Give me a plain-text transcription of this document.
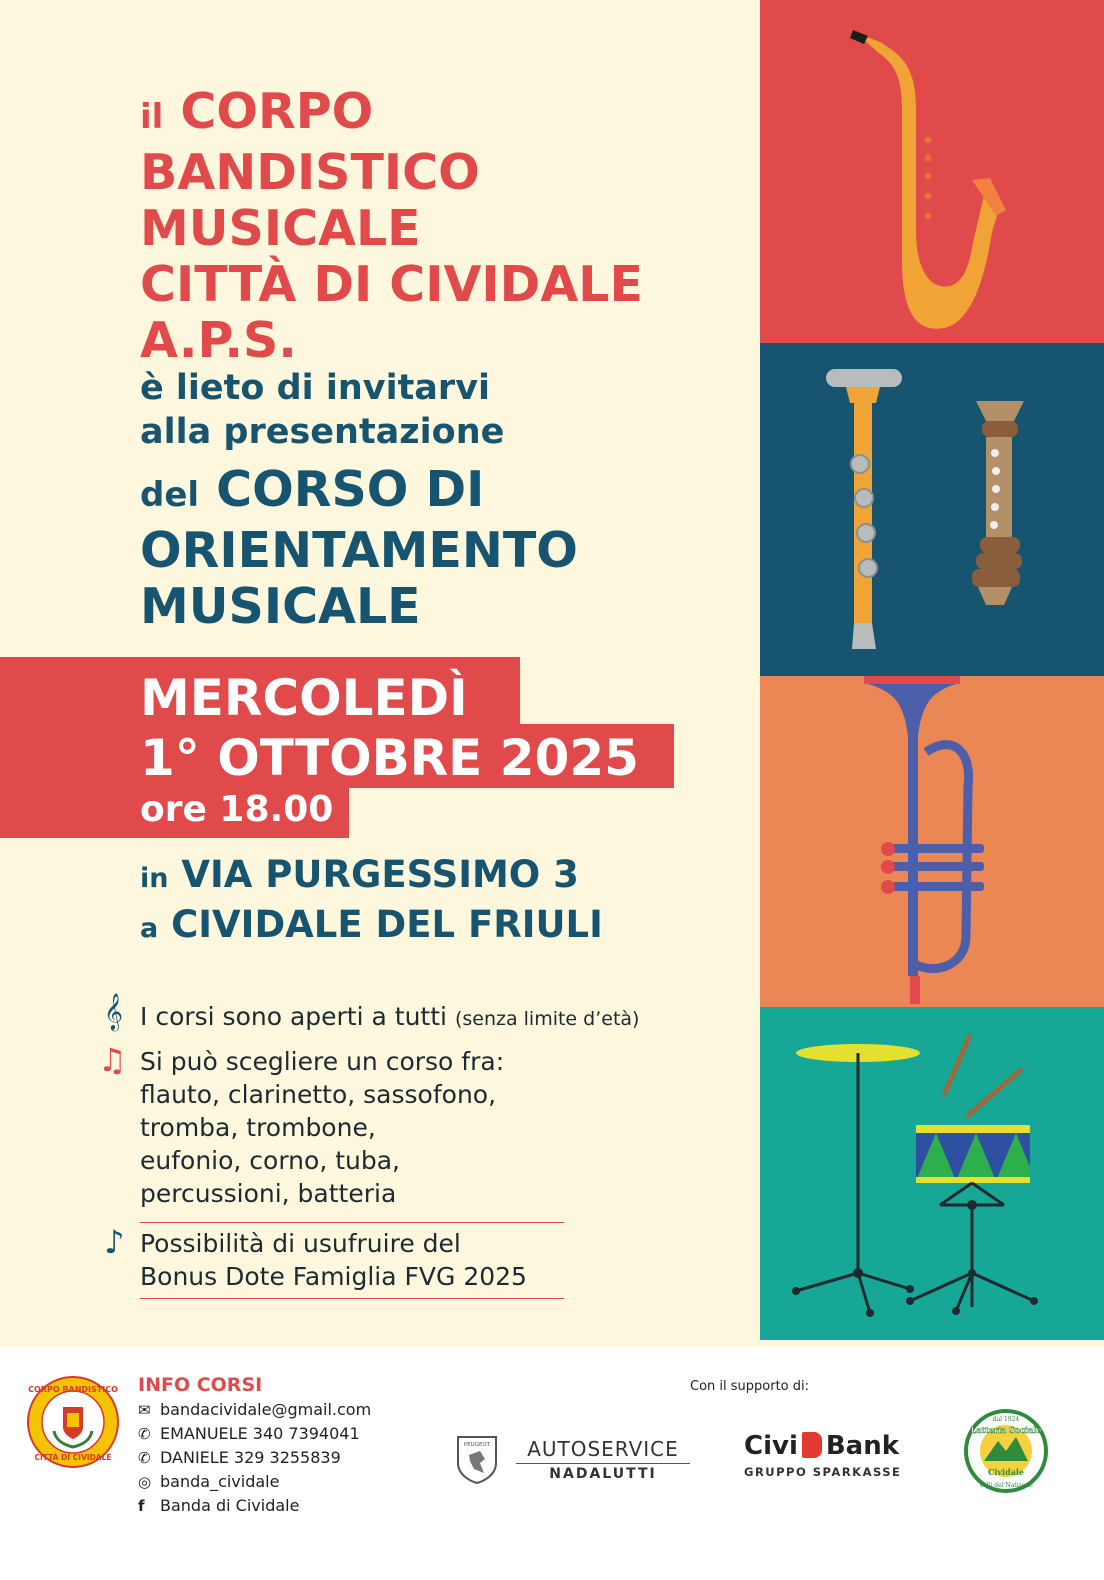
il CORPO
BANDISTICO
MUSICALE
CITTÀ DI CIVIDALE
A.P.S.
è lieto di invitarvi
alla presentazione
del CORSO DI
ORIENTAMENTO
MUSICALE
MERCOLEDÌ
1° OTTOBRE 2025
ore 18.00
in VIA PURGESSIMO 3
a CIVIDALE DEL FRIULI
𝄞 I corsi sono aperti a tutti (senza limite d’età)
♫ Si può scegliere un corso fra:
flauto, clarinetto, sassofono,
tromba, trombone,
eufonio, corno, tuba,
percussioni, batteria
♪ Possibilità di usufruire del
Bonus Dote Famiglia FVG 2025
CORPO BANDISTICO
CITTÀ DI CIVIDALE
INFO CORSI
✉ bandacividale@gmail.com
✆ EMANUELE 340 7394041
✆ DANIELE 329 3255839
◎ banda_cividale
f Banda di Cividale
Con il supporto di:
PEUGEOT	AUTOSERVICE
NADALUTTI
Civi Bank
GRUPPO SPARKASSE
dal 1924
Latteria Sociale
Cividale
Valli del Natisone
